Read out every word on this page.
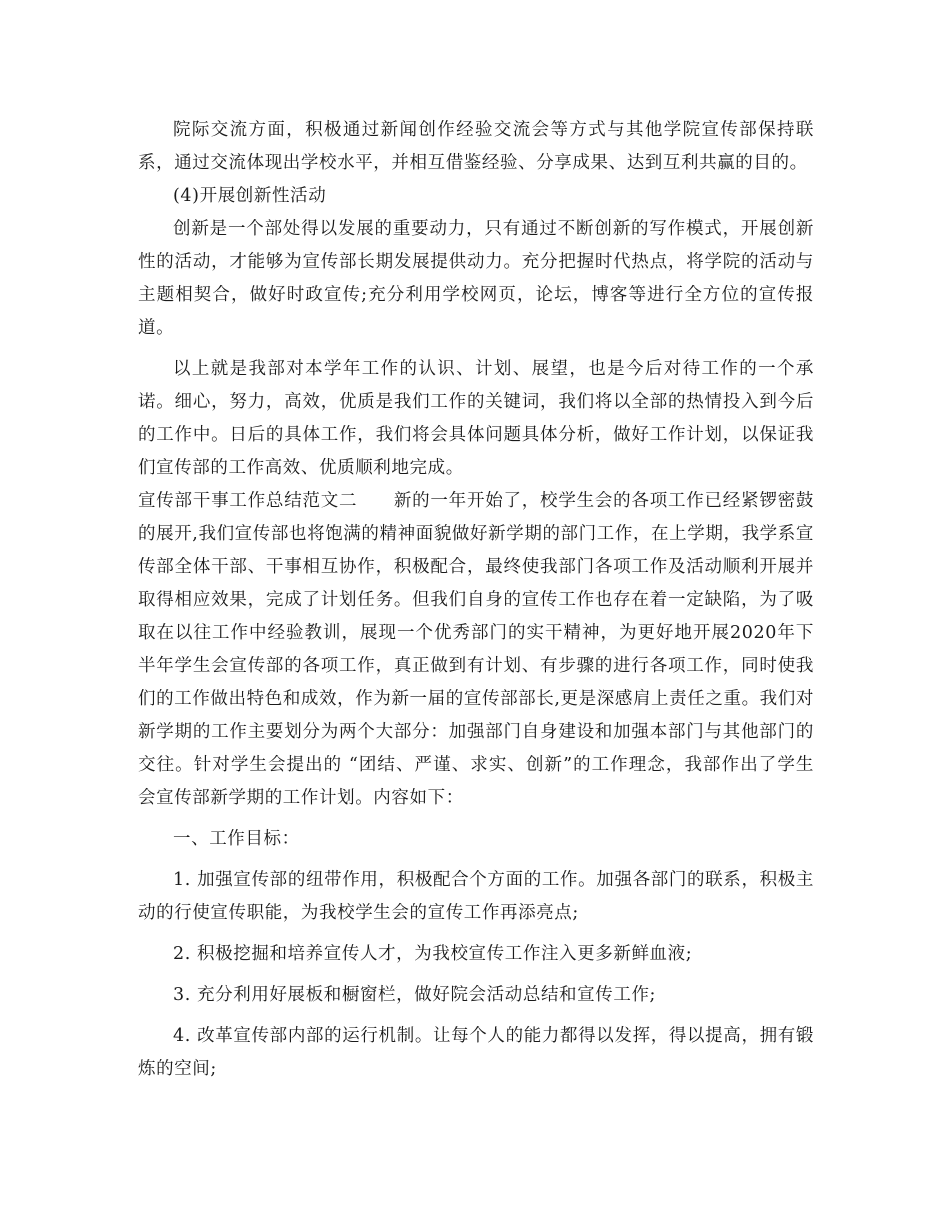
院际交流方面，积极通过新闻创作经验交流会等方式与其他学院宣传部保持联系，通过交流体现出学校水平，并相互借鉴经验、分享成果、达到互利共赢的目的。

(4)开展创新性活动

创新是一个部处得以发展的重要动力，只有通过不断创新的写作模式，开展创新性的活动，才能够为宣传部长期发展提供动力。充分把握时代热点，将学院的活动与主题相契合，做好时政宣传;充分利用学校网页，论坛，博客等进行全方位的宣传报道。

以上就是我部对本学年工作的认识、计划、展望，也是今后对待工作的一个承诺。细心，努力，高效，优质是我们工作的关键词，我们将以全部的热情投入到今后的工作中。日后的具体工作，我们将会具体问题具体分析，做好工作计划，以保证我们宣传部的工作高效、优质顺利地完成。

宣传部干事工作总结范文二　　新的一年开始了，校学生会的各项工作已经紧锣密鼓的展开,我们宣传部也将饱满的精神面貌做好新学期的部门工作，在上学期，我学系宣传部全体干部、干事相互协作，积极配合，最终使我部门各项工作及活动顺利开展并取得相应效果，完成了计划任务。但我们自身的宣传工作也存在着一定缺陷，为了吸取在以往工作中经验教训，展现一个优秀部门的实干精神，为更好地开展2020年下半年学生会宣传部的各项工作，真正做到有计划、有步骤的进行各项工作，同时使我们的工作做出特色和成效，作为新一届的宣传部部长,更是深感肩上责任之重。我们对新学期的工作主要划分为两个大部分：加强部门自身建设和加强本部门与其他部门的交往。针对学生会提出的 “团结、严谨、求实、创新”的工作理念，我部作出了学生会宣传部新学期的工作计划。内容如下：

一、工作目标：

1. 加强宣传部的纽带作用，积极配合个方面的工作。加强各部门的联系，积极主动的行使宣传职能，为我校学生会的宣传工作再添亮点;

2. 积极挖掘和培养宣传人才，为我校宣传工作注入更多新鲜血液;

3. 充分利用好展板和橱窗栏，做好院会活动总结和宣传工作;

4. 改革宣传部内部的运行机制。让每个人的能力都得以发挥，得以提高，拥有锻炼的空间;
